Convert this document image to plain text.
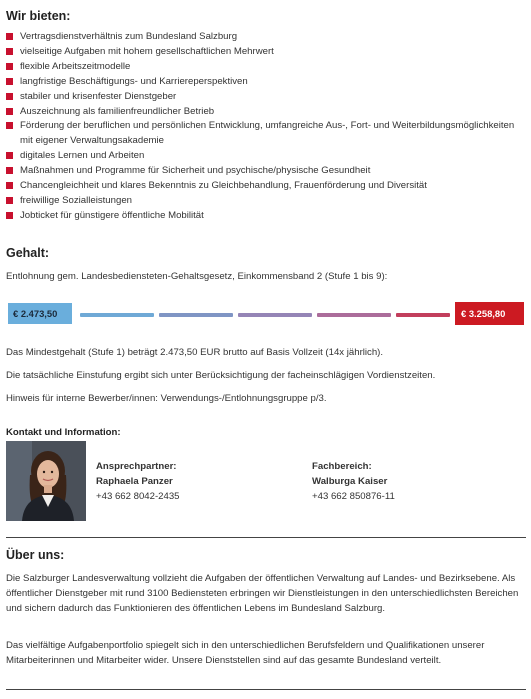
Wir bieten:
Vertragsdienstverhältnis zum Bundesland Salzburg
vielseitige Aufgaben mit hohem gesellschaftlichen Mehrwert
flexible Arbeitszeitmodelle
langfristige Beschäftigungs- und Karriereperspektiven
stabiler und krisenfester Dienstgeber
Auszeichnung als familienfreundlicher Betrieb
Förderung der beruflichen und persönlichen Entwicklung, umfangreiche Aus-, Fort- und Weiterbildungsmöglichkeiten mit eigener Verwaltungsakademie
digitales Lernen und Arbeiten
Maßnahmen und Programme für Sicherheit und psychische/physische Gesundheit
Chancengleichheit und klares Bekenntnis zu Gleichbehandlung, Frauenförderung und Diversität
freiwillige Sozialleistungen
Jobticket für günstigere öffentliche Mobilität
Gehalt:
Entlohnung gem. Landesbediensteten-Gehaltsgesetz, Einkommensband 2 (Stufe 1 bis 9):
€ 2.473,50	€ 3.258,80
Das Mindestgehalt (Stufe 1) beträgt 2.473,50 EUR brutto auf Basis Vollzeit (14x jährlich).
Die tatsächliche Einstufung ergibt sich unter Berücksichtigung der facheinschlägigen Vordienstzeiten.
Hinweis für interne Bewerber/innen: Verwendungs-/Entlohnungsgruppe p/3.
Kontakt und Information:
Ansprechpartner:
Raphaela Panzer
+43 662 8042-2435
Fachbereich:
Walburga Kaiser
+43 662 850876-11
Über uns:
Die Salzburger Landesverwaltung vollzieht die Aufgaben der öffentlichen Verwaltung auf Landes- und Bezirksebene. Als öffentlicher Dienstgeber mit rund 3100 Bediensteten erbringen wir Dienstleistungen in den unterschiedlichsten Bereichen und sichern dadurch das Funktionieren des öffentlichen Lebens im Bundesland Salzburg.
Das vielfältige Aufgabenportfolio spiegelt sich in den unterschiedlichen Berufsfeldern und Qualifikationen unserer Mitarbeiterinnen und Mitarbeiter wider. Unsere Dienststellen sind auf das gesamte Bundesland verteilt.
